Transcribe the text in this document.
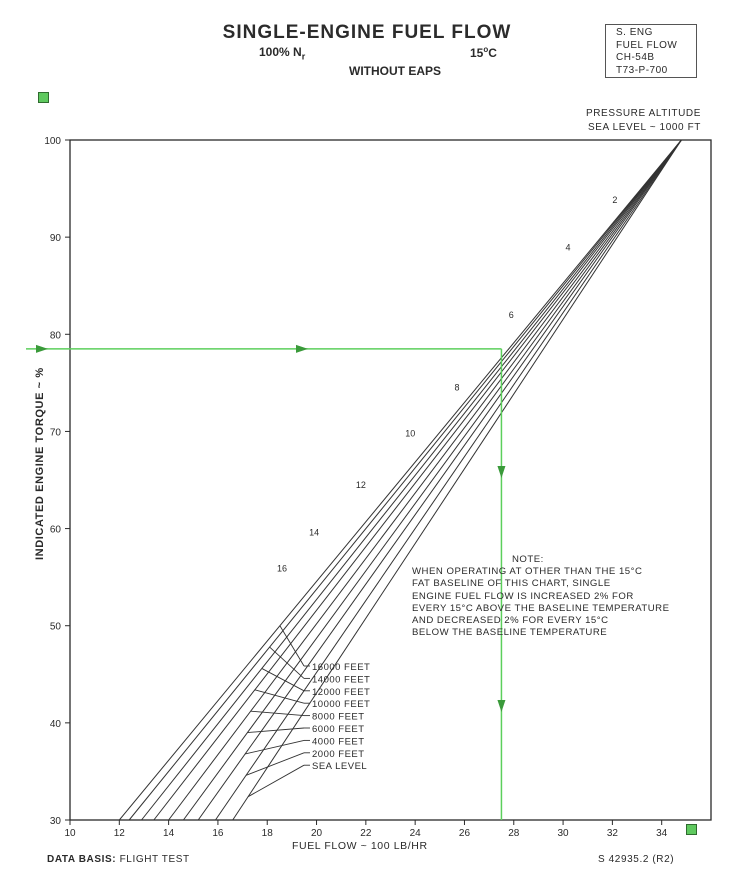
SINGLE-ENGINE FUEL FLOW
100% $N_r$	15$^o$C
WITHOUT EAPS
S. ENG
FUEL FLOW
CH-54B
T73-P-700
PRESSURE ALTITUDE
SEA LEVEL ~ 1000 FT
INDICATED ENGINE TORQUE ~ %
10	12	14	16	18	20	22	24	26	28	30	32	34
30
40
50
60
70
80
90
100
2
4
6
8
10
12
14
16
16000 FEET
14000 FEET
12000 FEET
10000 FEET
8000 FEET
6000 FEET
4000 FEET
2000 FEET
SEA LEVEL
FUEL FLOW ~ 100 LB/HR
NOTE:
WHEN OPERATING AT OTHER THAN THE 15°C
FAT BASELINE OF THIS CHART, SINGLE
ENGINE FUEL FLOW IS INCREASED 2% FOR
EVERY 15°C ABOVE THE BASELINE TEMPERATURE
AND DECREASED 2% FOR EVERY 15°C
BELOW THE BASELINE TEMPERATURE
DATA BASIS: FLIGHT TEST	S 42935.2 (R2)
